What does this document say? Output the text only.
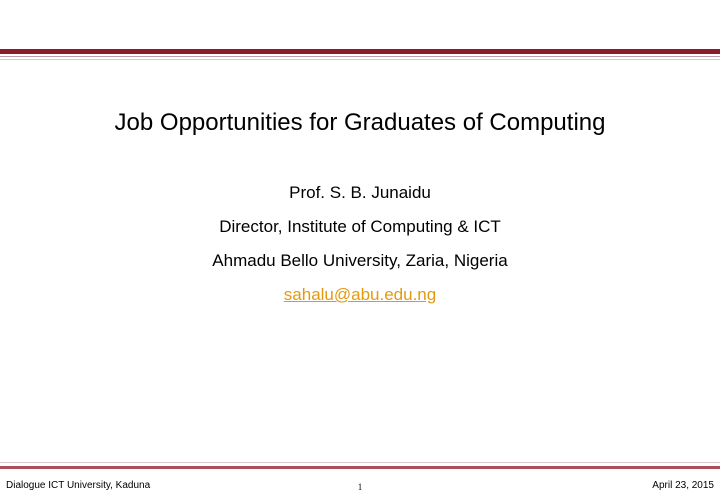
Job Opportunities for Graduates of Computing
Prof. S. B. Junaidu
Director, Institute of Computing & ICT
Ahmadu Bello University, Zaria, Nigeria
sahalu@abu.edu.ng
Dialogue ICT University, Kaduna	1	April 23, 2015
